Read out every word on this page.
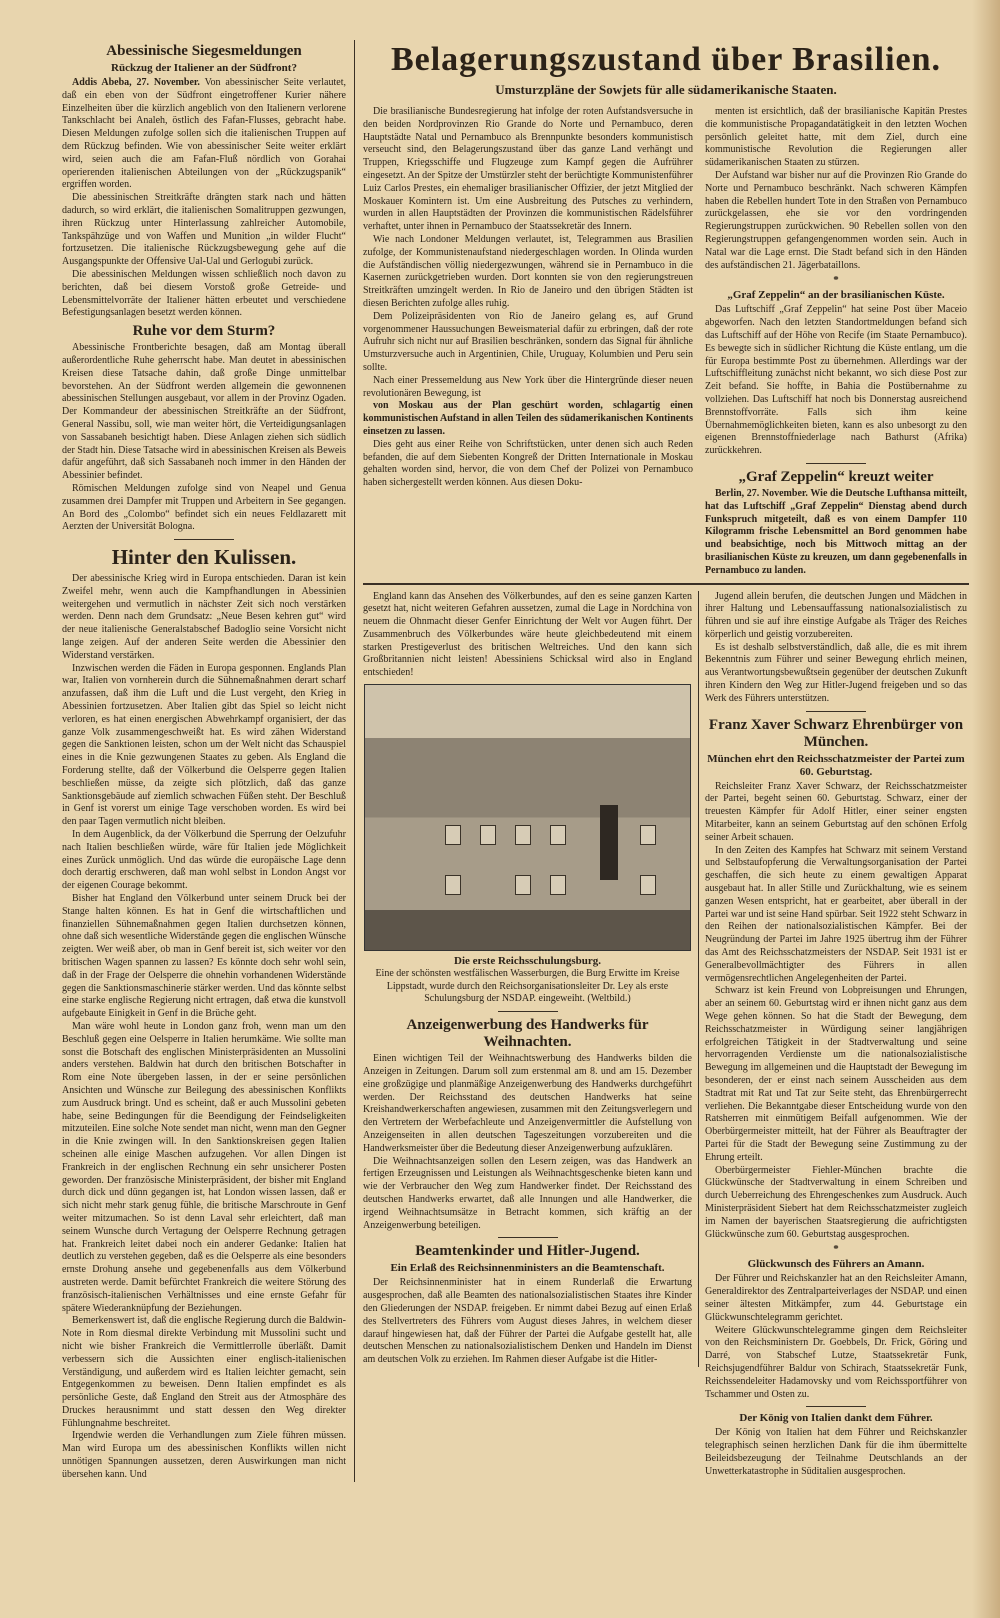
Abessinische Siegesmeldungen
Rückzug der Italiener an der Südfront?

Addis Abeba, 27. November. Von abessinischer Seite verlautet, daß ein eben von der Südfront eingetroffener Kurier nähere Einzelheiten über die kürzlich angeblich von den Italienern verlorene Tankschlacht bei Analeh, östlich des Fafan-Flusses, gebracht habe. Diesen Meldungen zufolge sollen sich die italienischen Truppen auf dem Rückzug befinden. Wie von abessinischer Seite weiter erklärt wird, seien auch die am Fafan-Fluß nördlich von Gorahai operierenden italienischen Abteilungen von der „Rückzugspanik“ ergriffen worden.

Die abessinischen Streitkräfte drängten stark nach und hätten dadurch, so wird erklärt, die italienischen Somalitruppen gezwungen, ihren Rückzug unter Hinterlassung zahlreicher Automobile, Tankspähzüge und von Waffen und Munition „in wilder Flucht“ fortzusetzen. Die italienische Rückzugsbewegung gehe auf die Ausgangspunkte der Offensive Ual-Ual und Gerlogubi zurück.

Die abessinischen Meldungen wissen schließlich noch davon zu berichten, daß bei diesem Vorstoß große Getreide- und Lebensmittelvorräte der Italiener hätten erbeutet und verschiedene Befestigungsanlagen besetzt werden können.

Ruhe vor dem Sturm?

Abessinische Frontberichte besagen, daß am Montag überall außerordentliche Ruhe geherrscht habe. Man deutet in abessinischen Kreisen diese Tatsache dahin, daß große Dinge unmittelbar bevorstehen. An der Südfront werden allgemein die gewonnenen abessinischen Stellungen ausgebaut, vor allem in der Provinz Ogaden. Der Kommandeur der abessinischen Streitkräfte an der Südfront, General Nassibu, soll, wie man weiter hört, die Verteidigungsanlagen von Sassabaneh besichtigt haben. Diese Anlagen ziehen sich südlich der Stadt hin. Diese Tatsache wird in abessinischen Kreisen als Beweis dafür angeführt, daß sich Sassabaneh noch immer in den Händen der Abessinier befindet.

Römischen Meldungen zufolge sind von Neapel und Genua zusammen drei Dampfer mit Truppen und Arbeitern in See gegangen. An Bord des „Colombo“ befindet sich ein neues Feldlazarett mit Aerzten der Universität Bologna.

Hinter den Kulissen.

Der abessinische Krieg wird in Europa entschieden. Daran ist kein Zweifel mehr, wenn auch die Kampfhandlungen in Abessinien weitergehen und vermutlich in nächster Zeit sich noch verstärken werden. Denn nach dem Grundsatz: „Neue Besen kehren gut“ wird der neue italienische Generalstabschef Badoglio seine Vorsicht nicht lange zeigen. Auf der anderen Seite werden die Abessinier den Widerstand verstärken.

Inzwischen werden die Fäden in Europa gesponnen. Englands Plan war, Italien von vornherein durch die Sühnemaßnahmen derart scharf anzufassen, daß ihm die Luft und die Lust vergeht, den Krieg in Abessinien fortzusetzen. Aber Italien gibt das Spiel so leicht nicht verloren, es hat einen energischen Abwehrkampf organisiert, der das ganze Volk zusammengeschweißt hat. Es wird zähen Widerstand gegen die Sanktionen leisten, schon um der Welt nicht das Schauspiel eines in die Knie gezwungenen Staates zu geben. Als England die Forderung stellte, daß der Völkerbund die Oelsperre gegen Italien beschließen müsse, da zeigte sich plötzlich, daß das ganze Sanktionsgebäude auf ziemlich schwachen Füßen steht. Der Beschluß in Genf ist vorerst um einige Tage verschoben worden. Es wird bei den paar Tagen vermutlich nicht bleiben.

In dem Augenblick, da der Völkerbund die Sperrung der Oelzufuhr nach Italien beschließen würde, wäre für Italien jede Möglichkeit eines Zurück unmöglich. Und das würde die europäische Lage denn doch derartig erschweren, daß man wohl selbst in London Angst vor der eigenen Courage bekommt.

Bisher hat England den Völkerbund unter seinem Druck bei der Stange halten können. Es hat in Genf die wirtschaftlichen und finanziellen Sühnemaßnahmen gegen Italien durchsetzen können, ohne daß sich wesentliche Widerstände gegen die englischen Wünsche zeigten. Wer weiß aber, ob man in Genf bereit ist, sich weiter vor den britischen Wagen spannen zu lassen? Es könnte doch sehr wohl sein, daß in der Frage der Oelsperre die ohnehin vorhandenen Widerstände gegen die Sanktionsmaschinerie stärker werden. Und das könnte selbst eine starke englische Regierung nicht ertragen, daß etwa die kunstvoll aufgebaute Einigkeit in Genf in die Brüche geht.

Man wäre wohl heute in London ganz froh, wenn man um den Beschluß gegen eine Oelsperre in Italien herumkäme. Wie sollte man sonst die Botschaft des englischen Ministerpräsidenten an Mussolini anders verstehen. Baldwin hat durch den britischen Botschafter in Rom eine Note übergeben lassen, in der er seine persönlichen Ansichten und Wünsche zur Beilegung des abessinischen Konflikts zum Ausdruck bringt. Und es scheint, daß er auch Mussolini gebeten habe, seine Bedingungen für die Beendigung der Feindseligkeiten mitzuteilen. Eine solche Note sendet man nicht, wenn man den Gegner in die Knie zwingen will. In den Sanktionskreisen gegen Italien scheinen alle einige Maschen aufzugehen. Vor allen Dingen ist Frankreich in der englischen Rechnung ein sehr unsicherer Posten geworden. Der französische Ministerpräsident, der bisher mit England durch dick und dünn gegangen ist, hat London wissen lassen, daß er sich nicht mehr stark genug fühle, die britische Marschroute in Genf weiter mitzumachen. So ist denn Laval sehr erleichtert, daß man seinem Wunsche durch Vertagung der Oelsperre Rechnung getragen hat. Frankreich leitet dabei noch ein anderer Gedanke: Italien hat deutlich zu verstehen gegeben, daß es die Oelsperre als eine besonders ernste Drohung ansehe und gegebenenfalls aus dem Völkerbund austreten werde. Damit befürchtet Frankreich die weitere Störung des französisch-italienischen Verhältnisses und eine ernste Gefahr für spätere Wiederanknüpfung der Beziehungen.

Bemerkenswert ist, daß die englische Regierung durch die Baldwin-Note in Rom diesmal direkte Verbindung mit Mussolini sucht und nicht wie bisher Frankreich die Vermittlerrolle überläßt. Damit verbessern sich die Aussichten einer englisch-italienischen Verständigung, und außerdem wird es Italien leichter gemacht, sein Entgegenkommen zu beweisen. Denn Italien empfindet es als persönliche Geste, daß England den Streit aus der Atmosphäre des Druckes herausnimmt und statt dessen den Weg direkter Fühlungnahme beschreitet.

Irgendwie werden die Verhandlungen zum Ziele führen müssen. Man wird Europa um des abessinischen Konflikts willen nicht unnötigen Spannungen aussetzen, deren Auswirkungen man nicht übersehen kann. Und

Belagerungszustand über Brasilien.
Umsturzpläne der Sowjets für alle südamerikanische Staaten.

Die brasilianische Bundesregierung hat infolge der roten Aufstandsversuche in den beiden Nordprovinzen Rio Grande do Norte und Pernambuco, deren Hauptstädte Natal und Pernambuco als Brennpunkte besonders kommunistisch verseucht sind, den Belagerungszustand über das ganze Land verhängt und Truppen, Kriegsschiffe und Flugzeuge zum Kampf gegen die Aufrührer eingesetzt. An der Spitze der Umstürzler steht der berüchtigte Kommunistenführer Luiz Carlos Prestes, ein ehemaliger brasilianischer Offizier, der jetzt Mitglied der Moskauer Komintern ist. Um eine Ausbreitung des Putsches zu verhindern, wurden in allen Hauptstädten der Provinzen die kommunistischen Rädelsführer verhaftet, unter ihnen in Pernambuco der Staatssekretär des Innern.

Wie nach Londoner Meldungen verlautet, ist, Telegrammen aus Brasilien zufolge, der Kommunistenaufstand niedergeschlagen worden. In Olinda wurden die Aufständischen völlig niedergezwungen, während sie in Pernambuco in die Kasernen zurückgetrieben wurden. Dort konnten sie von den regierungstreuen Streitkräften umzingelt werden. In Rio de Janeiro und den übrigen Städten ist diesen Berichten zufolge alles ruhig.

Dem Polizeipräsidenten von Rio de Janeiro gelang es, auf Grund vorgenommener Haussuchungen Beweismaterial dafür zu erbringen, daß der rote Aufruhr sich nicht nur auf Brasilien beschränken, sondern das Signal für ähnliche Umsturzversuche auch in Argentinien, Chile, Uruguay, Kolumbien und Peru sein sollte.

Nach einer Pressemeldung aus New York über die Hintergründe dieser neuen revolutionären Bewegung, ist

von Moskau aus der Plan geschürt worden, schlagartig einen kommunistischen Aufstand in allen Teilen des südamerikanischen Kontinents einsetzen zu lassen.

Dies geht aus einer Reihe von Schriftstücken, unter denen sich auch Reden befanden, die auf dem Siebenten Kongreß der Dritten Internationale in Moskau gehalten worden sind, hervor, die von dem Chef der Polizei von Pernambuco haben sichergestellt werden können. Aus diesen Doku-

menten ist ersichtlich, daß der brasilianische Kapitän Prestes die kommunistische Propagandatätigkeit in den letzten Wochen persönlich geleitet hatte, mit dem Ziel, durch eine kommunistische Revolution die Regierungen aller südamerikanischen Staaten zu stürzen.

Der Aufstand war bisher nur auf die Provinzen Rio Grande do Norte und Pernambuco beschränkt. Nach schweren Kämpfen haben die Rebellen hundert Tote in den Straßen von Pernambuco zurückgelassen, ehe sie vor den vordringenden Regierungstruppen zurückwichen. 90 Rebellen sollen von den Regierungstruppen gefangengenommen worden sein. Auch in Natal war die Lage ernst. Die Stadt befand sich in den Händen des aufständischen 21. Jägerbataillons.

*
„Graf Zeppelin“ an der brasilianischen Küste.

Das Luftschiff „Graf Zeppelin“ hat seine Post über Maceio abgeworfen. Nach den letzten Standortmeldungen befand sich das Luftschiff auf der Höhe von Recife (im Staate Pernambuco). Es bewegte sich in südlicher Richtung die Küste entlang, um die für Europa bestimmte Post zu übernehmen. Allerdings war der Luftschiffleitung zunächst nicht bekannt, wo sich diese Post zur Zeit befand. Sie hoffte, in Bahia die Postübernahme zu vollziehen. Das Luftschiff hat noch bis Donnerstag ausreichend Brennstoffvorräte. Falls sich ihm keine Übernahmemöglichkeiten bieten, kann es also unbesorgt zu den eigenen Brennstoffniederlage nach Bathurst (Afrika) zurückkehren.

„Graf Zeppelin“ kreuzt weiter

Berlin, 27. November. Wie die Deutsche Lufthansa mitteilt, hat das Luftschiff „Graf Zeppelin“ Dienstag abend durch Funkspruch mitgeteilt, daß es von einem Dampfer 110 Kilogramm frische Lebensmittel an Bord genommen habe und beabsichtige, noch bis Mittwoch mittag an der brasilianischen Küste zu kreuzen, um dann gegebenenfalls in Pernambuco zu landen.

England kann das Ansehen des Völkerbundes, auf den es seine ganzen Karten gesetzt hat, nicht weiteren Gefahren aussetzen, zumal die Lage in Nordchina von neuem die Ohnmacht dieser Genfer Einrichtung der Welt vor Augen führt. Der Zusammenbruch des Völkerbundes wäre heute gleichbedeutend mit einem starken Prestigeverlust des britischen Weltreiches. Und den kann sich Großbritannien nicht leisten! Abessiniens Schicksal wird also in England entschieden!

Die erste Reichsschulungsburg.
Eine der schönsten westfälischen Wasserburgen, die Burg Erwitte im Kreise Lippstadt, wurde durch den Reichsorganisationsleiter Dr. Ley als erste Schulungsburg der NSDAP. eingeweiht. (Weltbild.)
Anzeigenwerbung des Handwerks für Weihnachten.

Einen wichtigen Teil der Weihnachtswerbung des Handwerks bilden die Anzeigen in Zeitungen. Darum soll zum erstenmal am 8. und am 15. Dezember eine großzügige und planmäßige Anzeigenwerbung des Handwerks durchgeführt werden. Der Reichsstand des deutschen Handwerks hat seine Kreishandwerkerschaften angewiesen, zusammen mit den Zeitungsverlegern und den Vertretern der Werbefachleute und Anzeigenvermittler die Aufstellung von Anzeigenseiten in allen deutschen Tageszeitungen vorzubereiten und die Handwerksmeister über die Bedeutung dieser Anzeigenwerbung aufzuklären.

Die Weihnachtsanzeigen sollen den Lesern zeigen, was das Handwerk an fertigen Erzeugnissen und Leistungen als Weihnachtsgeschenke bieten kann und wie der Verbraucher den Weg zum Handwerker findet. Der Reichsstand des deutschen Handwerks erwartet, daß alle Innungen und alle Handwerker, die irgend Weihnachtsumsätze in Betracht kommen, sich kräftig an der Anzeigenwerbung beteiligen.

Beamtenkinder und Hitler-Jugend.
Ein Erlaß des Reichsinnenministers an die Beamtenschaft.

Der Reichsinnenminister hat in einem Runderlaß die Erwartung ausgesprochen, daß alle Beamten des nationalsozialistischen Staates ihre Kinder den Gliederungen der NSDAP. freigeben. Er nimmt dabei Bezug auf einen Erlaß des Stellvertreters des Führers vom August dieses Jahres, in welchem dieser darauf hingewiesen hat, daß der Führer der Partei die Aufgabe gestellt hat, alle deutschen Menschen zu nationalsozialistischem Denken und Handeln im Dienst am deutschen Volk zu erziehen. Im Rahmen dieser Aufgabe ist die Hitler-

Jugend allein berufen, die deutschen Jungen und Mädchen in ihrer Haltung und Lebensauffassung nationalsozialistisch zu führen und sie auf ihre einstige Aufgabe als Träger des Reiches körperlich und geistig vorzubereiten.

Es ist deshalb selbstverständlich, daß alle, die es mit ihrem Bekenntnis zum Führer und seiner Bewegung ehrlich meinen, aus Verantwortungsbewußtsein gegenüber der deutschen Zukunft ihren Kindern den Weg zur Hitler-Jugend freigeben und so das Werk des Führers unterstützen.

Franz Xaver Schwarz Ehrenbürger von München.
München ehrt den Reichsschatzmeister der Partei zum 60. Geburtstag.

Reichsleiter Franz Xaver Schwarz, der Reichsschatzmeister der Partei, begeht seinen 60. Geburtstag. Schwarz, einer der treuesten Kämpfer für Adolf Hitler, einer seiner engsten Mitarbeiter, kann an seinem Geburtstag auf den schönen Erfolg seiner Arbeit schauen.

In den Zeiten des Kampfes hat Schwarz mit seinem Verstand und Selbstaufopferung die Verwaltungsorganisation der Partei geschaffen, die sich heute zu einem gewaltigen Apparat ausgebaut hat. In aller Stille und Zurückhaltung, wie es seinem ganzen Wesen entspricht, hat er gearbeitet, aber überall in der Partei war und ist seine Hand spürbar. Seit 1922 steht Schwarz in den Reihen der nationalsozialistischen Kämpfer. Bei der Neugründung der Partei im Jahre 1925 übertrug ihm der Führer das Amt des Reichsschatzmeisters der NSDAP. Seit 1931 ist er Generalbevollmächtigter des Führers in allen vermögensrechtlichen Angelegenheiten der Partei.

Schwarz ist kein Freund von Lobpreisungen und Ehrungen, aber an seinem 60. Geburtstag wird er ihnen nicht ganz aus dem Wege gehen können. So hat die Stadt der Bewegung, dem Reichsschatzmeister in Würdigung seiner langjährigen erfolgreichen Tätigkeit in der Stadtverwaltung und seine hervorragenden Verdienste um die nationalsozialistische Bewegung im allgemeinen und die Hauptstadt der Bewegung im besonderen, der er einst nach seinem Ausscheiden aus dem Stadtrat mit Rat und Tat zur Seite steht, das Ehrenbürgerrecht verliehen. Die Bekanntgabe dieser Entscheidung wurde von den Ratsherren mit einmütigem Beifall aufgenommen. Wie der Oberbürgermeister mitteilt, hat der Führer als Beauftragter der Partei für die Stadt der Bewegung seine Zustimmung zu der Ehrung erteilt.

Oberbürgermeister Fiehler-München brachte die Glückwünsche der Stadtverwaltung in einem Schreiben und durch Ueberreichung des Ehrengeschenkes zum Ausdruck. Auch Ministerpräsident Siebert hat dem Reichsschatzmeister zugleich im Namen der bayerischen Staatsregierung die aufrichtigsten Glückwünsche zum 60. Geburtstag ausgesprochen.

*
Glückwunsch des Führers an Amann.

Der Führer und Reichskanzler hat an den Reichsleiter Amann, Generaldirektor des Zentralparteiverlages der NSDAP. und einen seiner ältesten Mitkämpfer, zum 44. Geburtstage ein Glückwunschtelegramm gerichtet.

Weitere Glückwunschtelegramme gingen dem Reichsleiter von den Reichsministern Dr. Goebbels, Dr. Frick, Göring und Darré, von Stabschef Lutze, Staatssekretär Funk, Reichsjugendführer Baldur von Schirach, Staatssekretär Funk, Reichssendeleiter Hadamovsky und vom Reichssportführer von Tschammer und Osten zu.

Der König von Italien dankt dem Führer.

Der König von Italien hat dem Führer und Reichskanzler telegraphisch seinen herzlichen Dank für die ihm übermittelte Beileidsbezeugung der Teilnahme Deutschlands an der Unwetterkatastrophe in Süditalien ausgesprochen.
